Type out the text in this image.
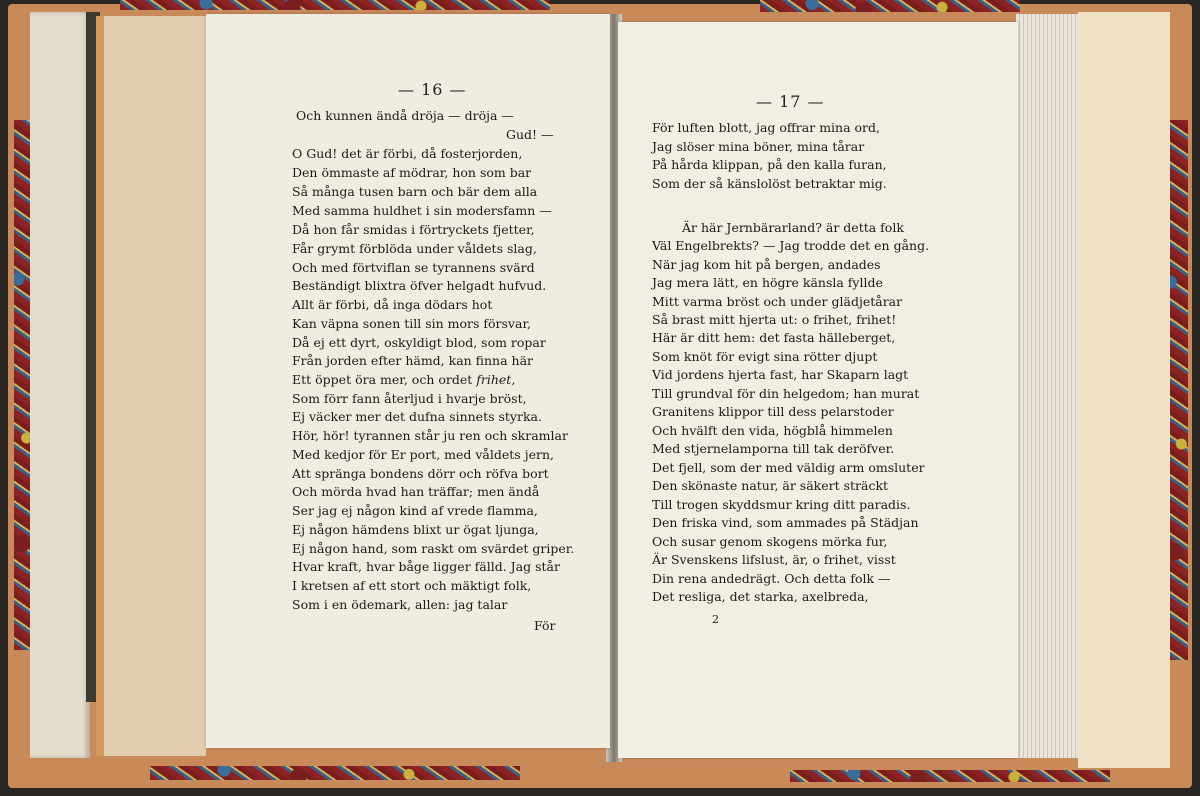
— 16 —
Och kunnen ändå dröja — dröja —
Gud! —
O Gud! det är förbi, då fosterjorden,
Den ömmaste af mödrar, hon som bar
Så många tusen barn och bär dem alla
Med samma huldhet i sin modersfamn —
Då hon får smidas i förtryckets fjetter,
Får grymt förblöda under våldets slag,
Och med förtviflan se tyrannens svärd
Beständigt blixtra öfver helgadt hufvud.
Allt är förbi, då inga dödars hot
Kan väpna sonen till sin mors försvar,
Då ej ett dyrt, oskyldigt blod, som ropar
Från jorden efter hämd, kan finna här
Ett öppet öra mer, och ordet frihet,
Som förr fann återljud i hvarje bröst,
Ej väcker mer det dufna sinnets styrka.
Hör, hör! tyrannen står ju ren och skramlar
Med kedjor för Er port, med våldets jern,
Att spränga bondens dörr och röfva bort
Och mörda hvad han träffar; men ändå
Ser jag ej någon kind af vrede flamma,
Ej någon hämdens blixt ur ögat ljunga,
Ej någon hand, som raskt om svärdet griper.
Hvar kraft, hvar båge ligger fälld. Jag står
I kretsen af ett stort och mäktigt folk,
Som i en ödemark, allen: jag talar
För
— 17 —
För luften blott, jag offrar mina ord,
Jag slöser mina böner, mina tårar
På hårda klippan, på den kalla furan,
Som der så känslolöst betraktar mig.
Är här Jernbärarland? är detta folk
Väl Engelbrekts? — Jag trodde det en gång.
När jag kom hit på bergen, andades
Jag mera lätt, en högre känsla fyllde
Mitt varma bröst och under glädjetårar
Så brast mitt hjerta ut: o frihet, frihet!
Här är ditt hem: det fasta hälleberget,
Som knöt för evigt sina rötter djupt
Vid jordens hjerta fast, har Skaparn lagt
Till grundval för din helgedom; han murat
Granitens klippor till dess pelarstoder
Och hvälft den vida, högblå himmelen
Med stjernelamporna till tak deröfver.
Det fjell, som der med väldig arm omsluter
Den skönaste natur, är säkert sträckt
Till trogen skyddsmur kring ditt paradis.
Den friska vind, som ammades på Städjan
Och susar genom skogens mörka fur,
Är Svenskens lifslust, är, o frihet, visst
Din rena andedrägt. Och detta folk —
Det resliga, det starka, axelbreda,
2
